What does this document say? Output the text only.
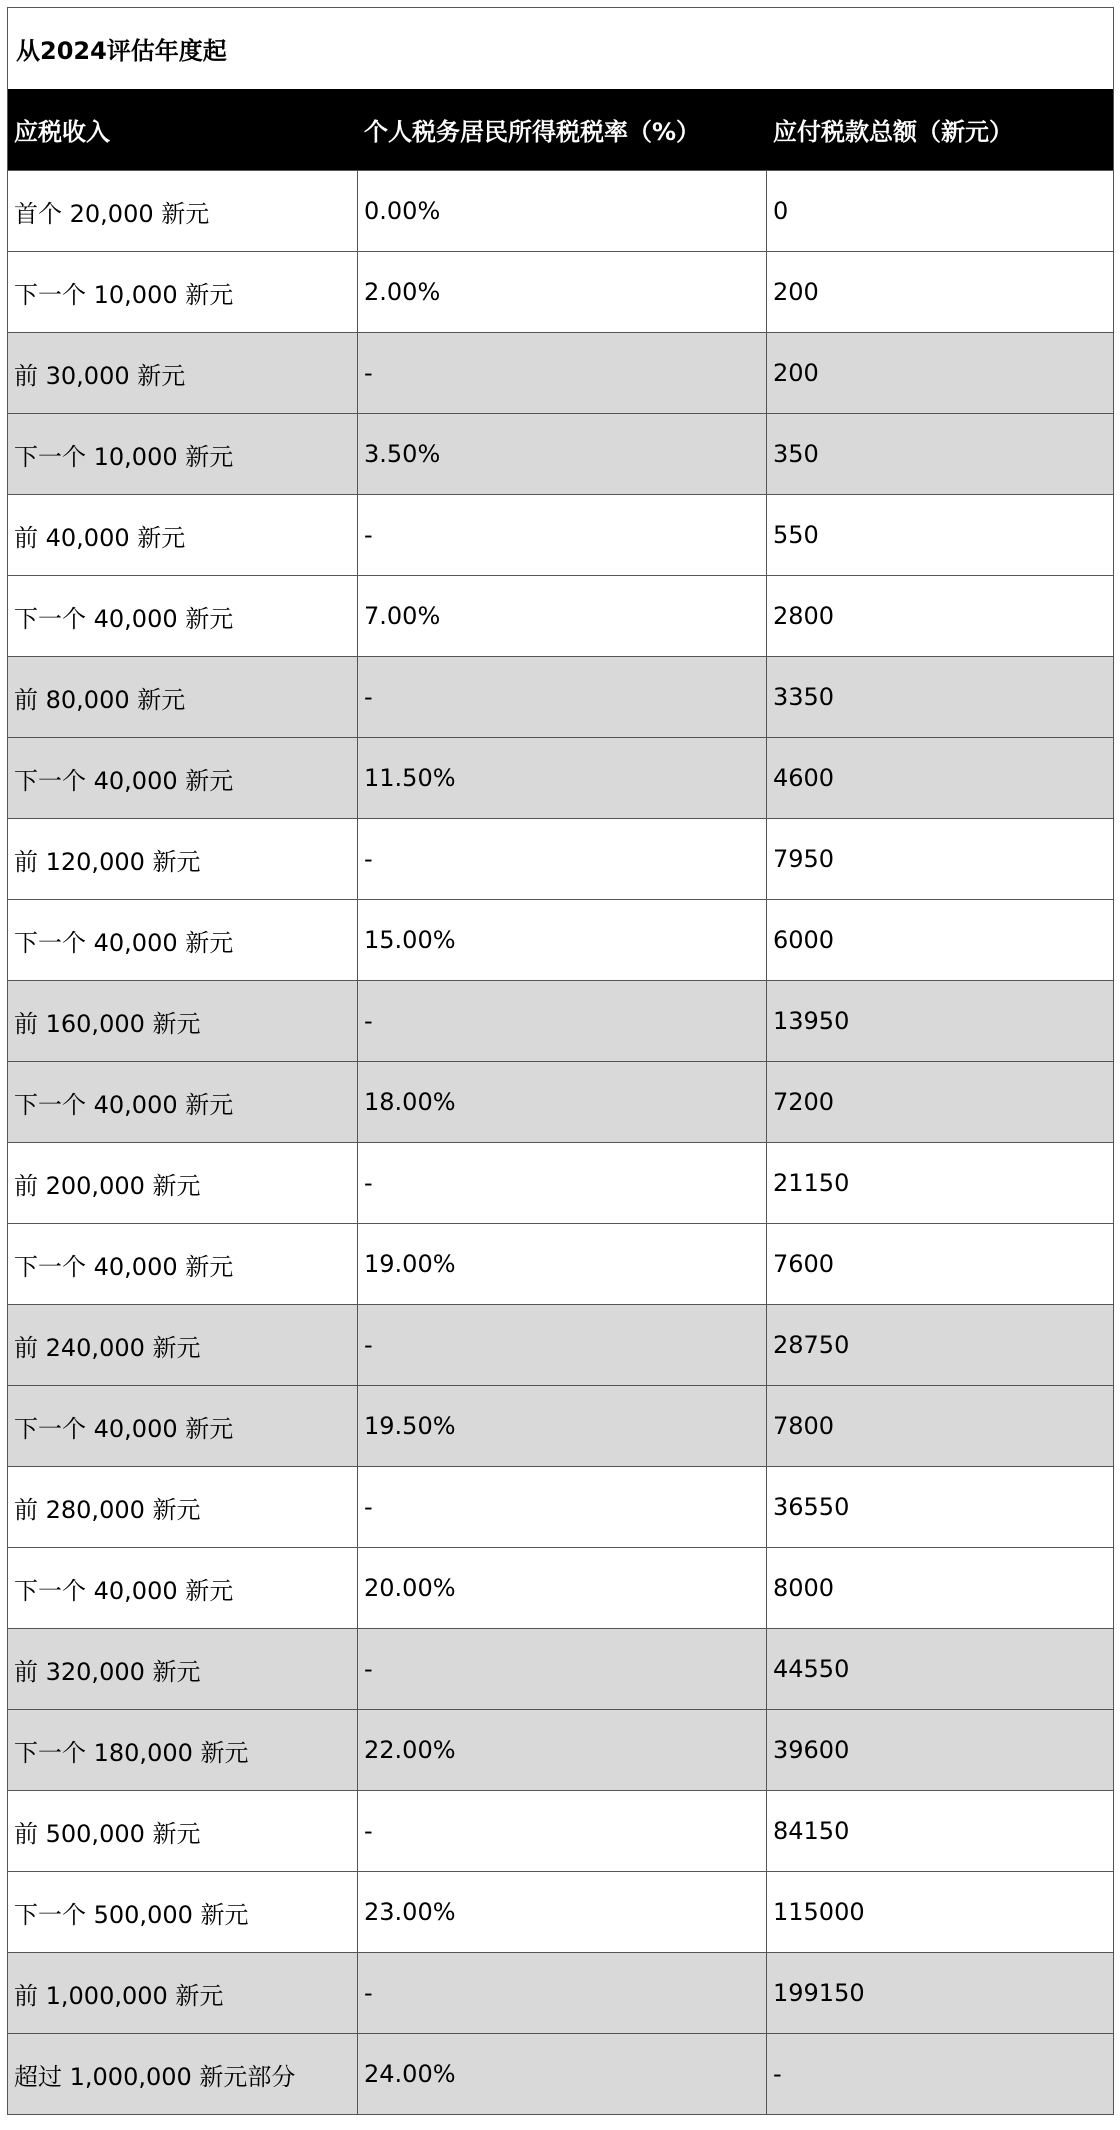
从2024评估年度起
应税收入	个人税务居民所得税税率（%）	应付税款总额（新元）
首个 20,000 新元	0.00%	0
下一个 10,000 新元	2.00%	200
前 30,000 新元	-	200
下一个 10,000 新元	3.50%	350
前 40,000 新元	-	550
下一个 40,000 新元	7.00%	2800
前 80,000 新元	-	3350
下一个 40,000 新元	11.50%	4600
前 120,000 新元	-	7950
下一个 40,000 新元	15.00%	6000
前 160,000 新元	-	13950
下一个 40,000 新元	18.00%	7200
前 200,000 新元	-	21150
下一个 40,000 新元	19.00%	7600
前 240,000 新元	-	28750
下一个 40,000 新元	19.50%	7800
前 280,000 新元	-	36550
下一个 40,000 新元	20.00%	8000
前 320,000 新元	-	44550
下一个 180,000 新元	22.00%	39600
前 500,000 新元	-	84150
下一个 500,000 新元	23.00%	115000
前 1,000,000 新元	-	199150
超过 1,000,000 新元部分	24.00%	-
